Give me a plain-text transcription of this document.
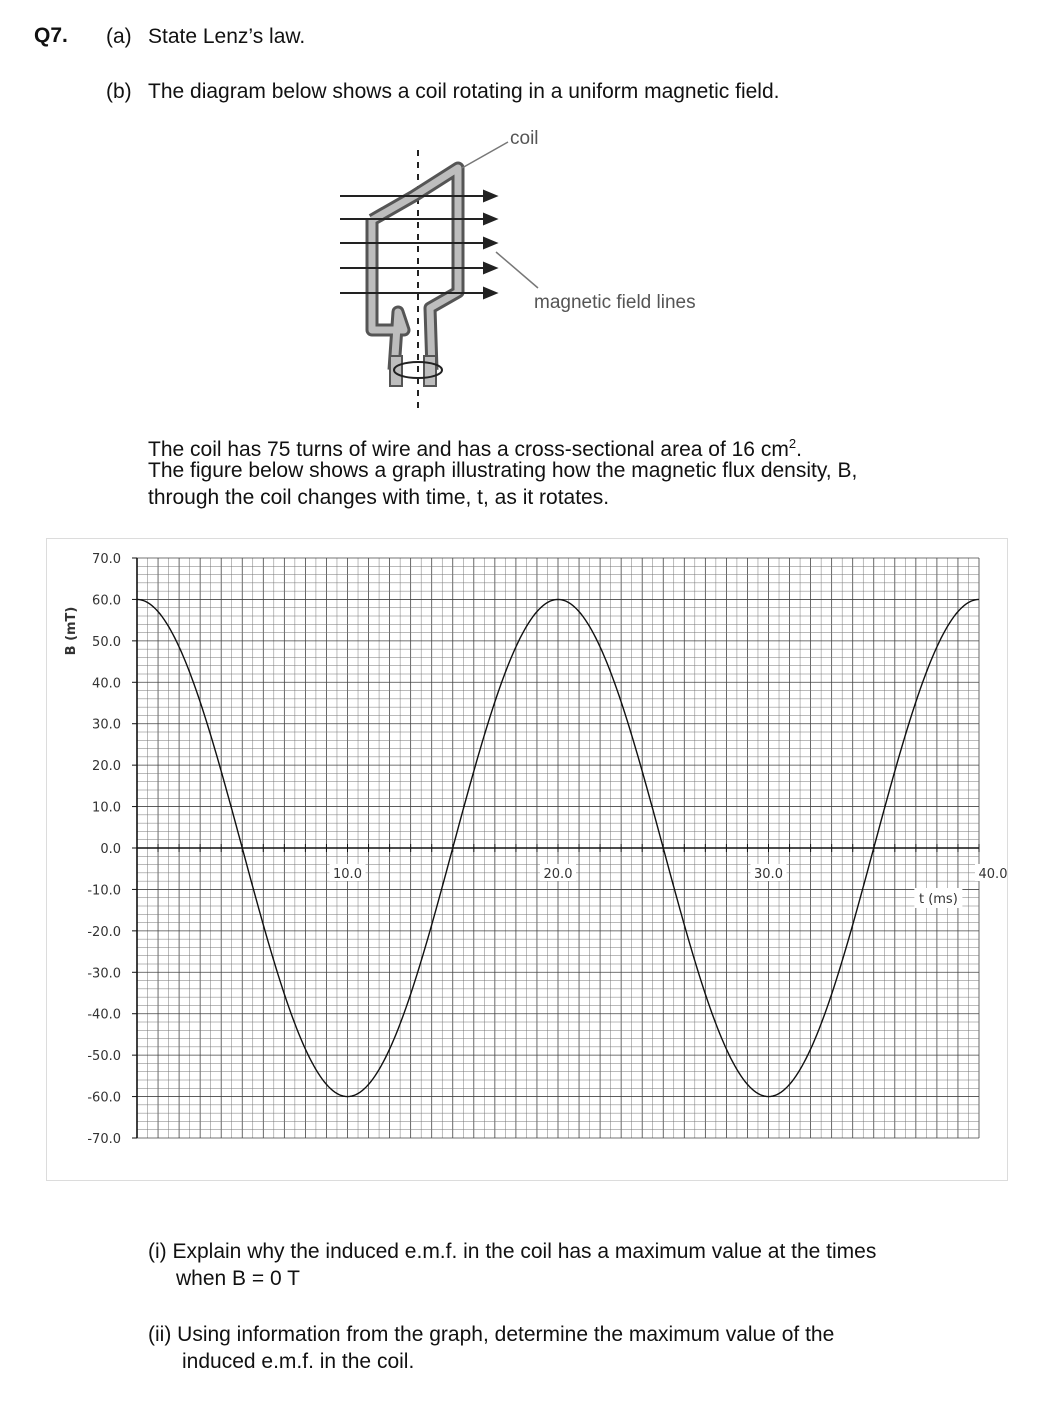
Q7. (a) State Lenz’s law.
(b) The diagram below shows a coil rotating in a uniform magnetic field.
coil
magnetic field lines
The coil has 75 turns of wire and has a cross-sectional area of 16 $cm^2$.
The figure below shows a graph illustrating how the magnetic flux density, B,
through the coil changes with time, t, as it rotates.
70.0
60.0
50.0
40.0
30.0
20.0
10.0
0.0
-10.0
-20.0
-30.0
-40.0
-50.0
-60.0
-70.0
10.0	20.0	30.0	40.0
B (mT)
t (ms)
(i) Explain why the induced e.m.f. in the coil has a maximum value at the times
when B = 0 T
(ii) Using information from the graph, determine the maximum value of the
induced e.m.f. in the coil.
